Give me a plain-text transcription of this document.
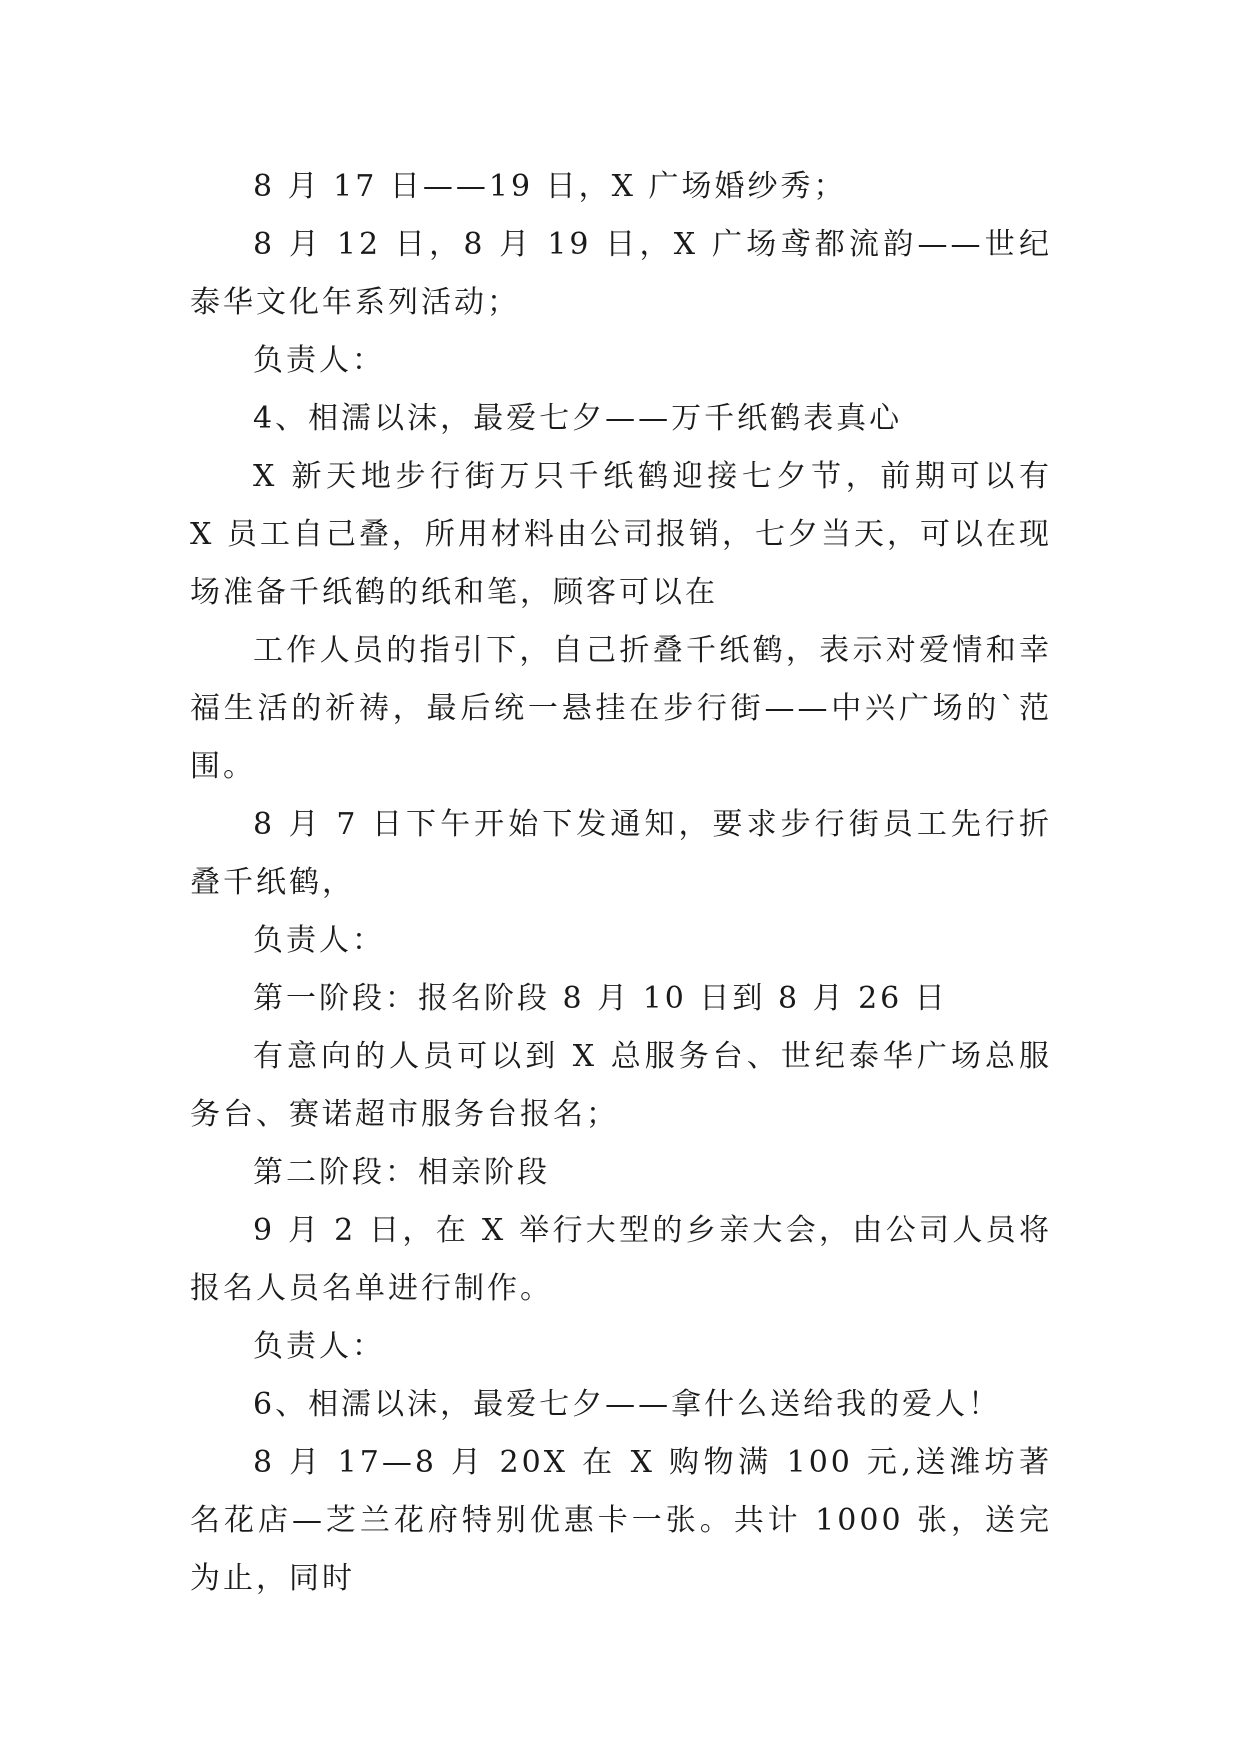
8 月 17 日——19 日，X 广场婚纱秀；

8 月 12 日，8 月 19 日，X 广场鸢都流韵——世纪泰华文化年系列活动；

负责人：

4、相濡以沫，最爱七夕——万千纸鹤表真心

X 新天地步行街万只千纸鹤迎接七夕节，前期可以有 X 员工自己叠，所用材料由公司报销，七夕当天，可以在现场准备千纸鹤的纸和笔，顾客可以在

工作人员的指引下，自己折叠千纸鹤，表示对爱情和幸福生活的祈祷，最后统一悬挂在步行街——中兴广场的`范围。

8 月 7 日下午开始下发通知，要求步行街员工先行折叠千纸鹤，

负责人：

第一阶段：报名阶段 8 月 10 日到 8 月 26 日

有意向的人员可以到 X 总服务台、世纪泰华广场总服务台、赛诺超市服务台报名；

第二阶段：相亲阶段

9 月 2 日，在 X 举行大型的乡亲大会，由公司人员将报名人员名单进行制作。

负责人：

6、相濡以沫，最爱七夕——拿什么送给我的爱人！

8 月 17—8 月 20X 在 X 购物满 100 元,送潍坊著名花店—芝兰花府特别优惠卡一张。共计 1000 张，送完为止，同时
